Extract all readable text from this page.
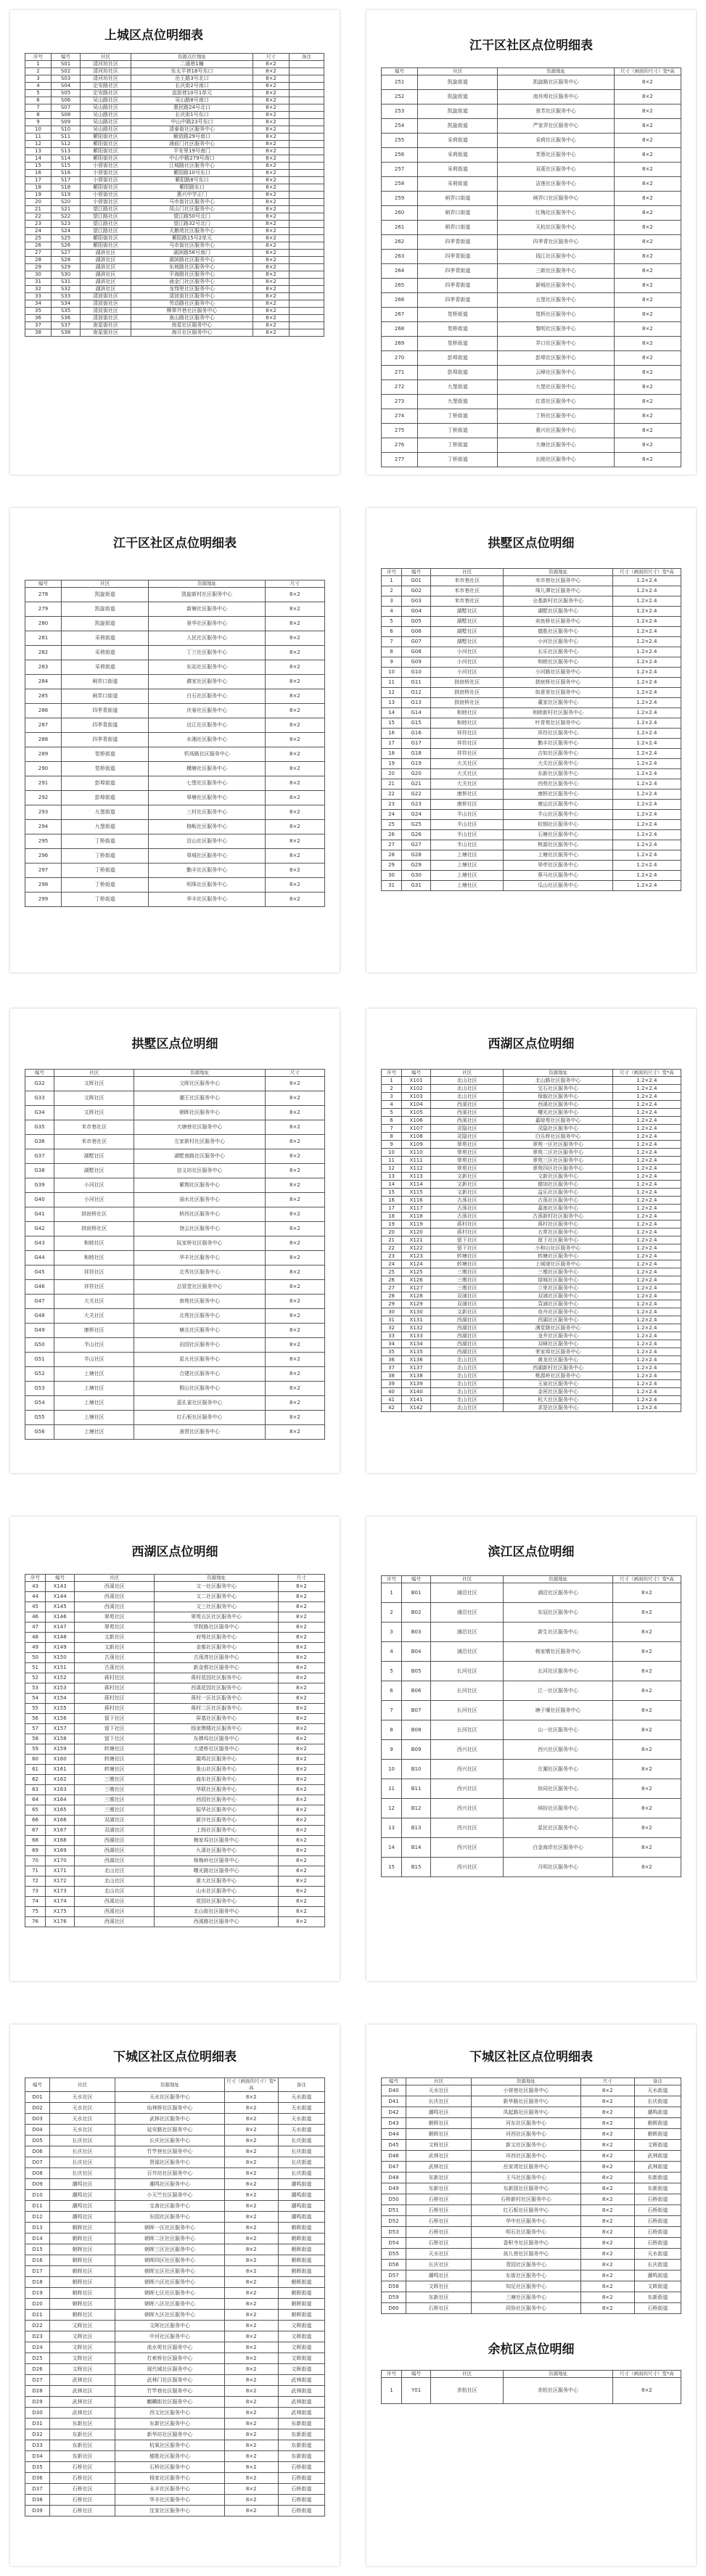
上城区点位明细表
序号	编号	社区	资源点位地址	尺寸	备注
1	S01	清河坊社区	二通巷1幢	8×2	
2	S02	清河坊社区	东太平巷18号东口	8×2	
3	S03	清河坊社区	岳王路3号北口	8×2	
4	S04	定安路社区	长庆街2号南口	8×2	
5	S05	定安路社区	直街巷10号1单元	8×2	
6	S06	吴山路社区	吴山路8号南口	8×2	
7	S07	吴山路社区	惠民路24号北口	8×2	
8	S08	吴山路社区	长庆街1号东口	8×2	
9	S09	吴山路社区	中山中路23号东口	8×2	
10	S10	吴山路社区	清泰街社区服务中心	8×2	
11	S11	紫阳街社区	解放路29号南口	8×2	
12	S12	紫阳街社区	浦前门社区服务中心	8×2	
13	S13	紫阳街社区	平安里19号南门	8×2	
14	S14	紫阳街社区	中山中路279号南口	8×2	
15	S15	小营街社区	江城路社区服务中心	8×2	
16	S16	小营街社区	紫阳路10号东口	8×2	
17	S17	小营街社区	紫阳路8号东口	8×2	
18	S18	紫阳街社区	紫阳路东口	8×2	
19	S19	小营街社区	惠兴中学正门	8×2	
20	S20	小营街社区	马市街社区服务中心	8×2	
21	S21	望江路社区	凤山门社区服务中心	8×2	
22	S22	望江路社区	望江路50号北门	8×2	
23	S23	望江路社区	望江路32号北门	8×2	
24	S24	望江路社区	天鹅苑社区服务中心	8×2	
25	S25	紫阳街社区	紫阳路15号2单元	8×2	
26	S26	紫阳街社区	马市街社区服务中心	8×2	
27	S27	湖滨社区	湖滨路56号南门	8×2	
28	S28	湖滨社区	湖滨路社区服务中心	8×2	
29	S29	湖滨社区	东坡路社区服务中心	8×2	
30	S30	湖滨社区	平海路社区服务中心	8×2	
31	S31	湖滨社区	涌金门社区服务中心	8×2	
32	S32	湖滨社区	龙翔里社区服务中心	8×2	
33	S33	清波街社区	清波街社区服务中心	8×2	
34	S34	清波街社区	劳动路社区服务中心	8×2	
35	S35	清波街社区	柳翠井巷社区服务中心	8×2	
36	S36	清波街社区	南山路社区服务中心	8×2	
37	S37	南星街社区	南星社区服务中心	8×2	
38	S38	南星街社区	海月社区服务中心	8×2	
江干区社区点位明细表
编号	社区	资源地址	尺寸（画面的尺寸）宽*高
251	凯旋街道	凯旋路社区服务中心	8×2
252	凯旋街道	南肖埠社区服务中心	8×2
253	凯旋街道	景芳社区服务中心	8×2
254	凯旋街道	严家弄社区服务中心	8×2
255	采荷街道	采荷社区服务中心	8×2
256	采荷街道	芙蓉社区服务中心	8×2
257	采荷街道	双菱社区服务中心	8×2
258	采荷街道	洁莲社区服务中心	8×2
259	闸弄口街道	闸弄口社区服务中心	8×2
260	闸弄口街道	红梅社区服务中心	8×2
261	闸弄口街道	天杭社区服务中心	8×2
262	四季青街道	四季青社区服务中心	8×2
263	四季青街道	钱江社区服务中心	8×2
264	四季青街道	三新社区服务中心	8×2
265	四季青街道	新城社区服务中心	8×2
266	四季青街道	五堡社区服务中心	8×2
267	笕桥街道	笕桥社区服务中心	8×2
268	笕桥街道	黎明社区服务中心	8×2
269	笕桥街道	弄口社区服务中心	8×2
270	彭埠街道	彭埠社区服务中心	8×2
271	彭埠街道	云峰社区服务中心	8×2
272	九堡街道	九堡社区服务中心	8×2
273	九堡街道	红普社区服务中心	8×2
274	丁桥街道	丁桥社区服务中心	8×2
275	丁桥街道	惠兴社区服务中心	8×2
276	丁桥街道	大塘社区服务中心	8×2
277	丁桥街道	长睦社区服务中心	8×2
江干区社区点位明细表
编号	社区	资源地址	尺寸
278	凯旋街道	凯旋新村社区服务中心	8×2
279	凯旋街道	新塘社区服务中心	8×2
280	凯旋街道	景华社区服务中心	8×2
281	采荷街道	人民社区服务中心	8×2
282	采荷街道	丁兰社区服务中心	8×2
283	采荷街道	东站社区服务中心	8×2
284	闸弄口街道	濮家社区服务中心	8×2
285	闸弄口街道	白石社区服务中心	8×2
286	四季青街道	庆春社区服务中心	8×2
287	四季青街道	近江社区服务中心	8×2
288	四季青街道	水湘社区服务中心	8×2
289	笕桥街道	机场路社区服务中心	8×2
290	笕桥街道	横塘社区服务中心	8×2
291	彭埠街道	七堡社区服务中心	8×2
292	彭埠街道	皋塘社区服务中心	8×2
293	九堡街道	三村社区服务中心	8×2
294	九堡街道	格畈社区服务中心	8×2
295	丁桥街道	沿山社区服务中心	8×2
296	丁桥街道	皋城社区服务中心	8×2
297	丁桥街道	勤丰社区服务中心	8×2
298	丁桥街道	明珠社区服务中心	8×2
299	丁桥街道	华丰社区服务中心	8×2
拱墅区点位明细
序号	编号	社区	资源地址	尺寸（画面的尺寸）宽*高
1	G01	米市巷社区	米市巷社区服务中心	1.2×2.4
2	G02	米市巷社区	珠儿潭社区服务中心	1.2×2.4
3	G03	米市巷社区	仓基新村社区服务中心	1.2×2.4
4	G04	湖墅社区	湖墅社区服务中心	1.2×2.4
5	G05	湖墅社区	卖鱼桥社区服务中心	1.2×2.4
6	G06	湖墅社区	德胜社区服务中心	1.2×2.4
7	G07	湖墅社区	小河社区服务中心	1.2×2.4
8	G08	小河社区	长乐社区服务中心	1.2×2.4
9	G09	小河社区	和睦社区服务中心	1.2×2.4
10	G10	小河社区	小河路社区服务中心	1.2×2.4
11	G11	拱宸桥社区	拱宸桥社区服务中心	1.2×2.4
12	G12	拱宸桥社区	如意里社区服务中心	1.2×2.4
13	G13	拱宸桥社区	董家社区服务中心	1.2×2.4
14	G14	和睦社区	和睦新村社区服务中心	1.2×2.4
15	G15	和睦社区	叶青苑社区服务中心	1.2×2.4
16	G16	祥符社区	祥符社区服务中心	1.2×2.4
17	G17	祥符社区	勤丰社区服务中心	1.2×2.4
18	G18	祥符社区	吉如社区服务中心	1.2×2.4
19	G19	大关社区	大关社区服务中心	1.2×2.4
20	G20	大关社区	东新社区服务中心	1.2×2.4
21	G21	大关社区	西苑社区服务中心	1.2×2.4
22	G22	康桥社区	康桥社区服务中心	1.2×2.4
23	G23	康桥社区	康运社区服务中心	1.2×2.4
24	G24	半山社区	半山社区服务中心	1.2×2.4
25	G25	半山社区	杭钢社区服务中心	1.2×2.4
26	G26	半山社区	石塘社区服务中心	1.2×2.4
27	G27	半山社区	桃源社区服务中心	1.2×2.4
28	G28	上塘社区	上塘社区服务中心	1.2×2.4
29	G29	上塘社区	皋亭社区服务中心	1.2×2.4
30	G30	上塘社区	蔡马社区服务中心	1.2×2.4
31	G31	上塘社区	瓜山社区服务中心	1.2×2.4
拱墅区点位明细
编号	社区	资源地址	尺寸
G32	文晖社区	文晖社区服务中心	8×2
G33	文晖社区	潮王社区服务中心	8×2
G34	文晖社区	朝晖社区服务中心	8×2
G35	米市巷社区	大塘巷社区服务中心	8×2
G36	米市巷社区	左家新村社区服务中心	8×2
G37	湖墅社区	湖墅南路社区服务中心	8×2
G38	湖墅社区	信义坊社区服务中心	8×2
G39	小河社区	紫荆社区服务中心	8×2
G40	小河社区	丽水社区服务中心	8×2
G41	拱宸桥社区	桥西社区服务中心	8×2
G42	拱宸桥社区	登云社区服务中心	8×2
G43	和睦社区	阮家桥社区服务中心	8×2
G44	和睦社区	华丰社区服务中心	8×2
G45	祥符社区	北秀社区服务中心	8×2
G46	祥符社区	总管堂社区服务中心	8×2
G47	大关社区	南苑社区服务中心	8×2
G48	大关社区	北苑社区服务中心	8×2
G49	康桥社区	塘北社区服务中心	8×2
G50	半山社区	田园社区服务中心	8×2
G51	半山社区	星火社区服务中心	8×2
G52	上塘社区	合建社区服务中心	8×2
G53	上塘社区	假山社区服务中心	8×2
G54	上塘社区	蓝孔雀社区服务中心	8×2
G55	上塘社区	红石板社区服务中心	8×2
G56	上塘社区	善贤社区服务中心	8×2
西湖区点位明细
序号	编号	社区	资源地址	尺寸（画面的尺寸）宽*高
1	X101	北山社区	北山路社区服务中心	1.2×2.4
2	X102	北山社区	宝石社区服务中心	1.2×2.4
3	X103	北山社区	保俶社区服务中心	1.2×2.4
4	X104	西溪社区	西溪社区服务中心	1.2×2.4
5	X105	西溪社区	曙光社区服务中心	1.2×2.4
6	X106	西溪社区	嘉绿苑社区服务中心	1.2×2.4
7	X107	灵隐社区	灵隐社区服务中心	1.2×2.4
8	X108	灵隐社区	白乐桥社区服务中心	1.2×2.4
9	X109	翠苑社区	翠苑一区社区服务中心	1.2×2.4
10	X110	翠苑社区	翠苑二区社区服务中心	1.2×2.4
11	X111	翠苑社区	翠苑三区社区服务中心	1.2×2.4
12	X112	翠苑社区	翠苑四区社区服务中心	1.2×2.4
13	X113	文新社区	文新社区服务中心	1.2×2.4
14	X114	文新社区	德加社区服务中心	1.2×2.4
15	X115	文新社区	益乐社区服务中心	1.2×2.4
16	X116	古荡社区	古荡社区服务中心	1.2×2.4
17	X117	古荡社区	嘉南社区服务中心	1.2×2.4
18	X118	古荡社区	古荡新村社区服务中心	1.2×2.4
19	X119	蒋村社区	蒋村社区服务中心	1.2×2.4
20	X120	蒋村社区	五常社区服务中心	1.2×2.4
21	X121	留下社区	留下社区服务中心	1.2×2.4
22	X122	留下社区	小和山社区服务中心	1.2×2.4
23	X123	转塘社区	转塘社区服务中心	1.2×2.4
24	X124	转塘社区	上城埭社区服务中心	1.2×2.4
25	X125	三墩社区	三墩社区服务中心	1.2×2.4
26	X126	三墩社区	绿城社区服务中心	1.2×2.4
27	X127	三墩社区	兰里社区服务中心	1.2×2.4
28	X128	双浦社区	双浦社区服务中心	1.2×2.4
29	X129	双浦社区	袁浦社区服务中心	1.2×2.4
30	X130	文新社区	竞舟社区服务中心	1.2×2.4
31	X131	西湖社区	西湖社区服务中心	1.2×2.4
32	X132	西湖社区	满觉陇社区服务中心	1.2×2.4
33	X133	西湖社区	龙井社区服务中心	1.2×2.4
34	X134	西湖社区	双峰社区服务中心	1.2×2.4
35	X135	西湖社区	茅家埠社区服务中心	1.2×2.4
36	X136	北山社区	黄龙社区服务中心	1.2×2.4
37	X137	北山社区	西湖新村社区服务中心	1.2×2.4
38	X138	北山社区	桃源岭社区服务中心	1.2×2.4
39	X139	北山社区	玉泉社区服务中心	1.2×2.4
40	X140	北山社区	金祝社区服务中心	1.2×2.4
41	X141	北山社区	杭大社区服务中心	1.2×2.4
42	X142	北山社区	求是社区服务中心	1.2×2.4
西湖区点位明细
序号	编号	社区	资源地址	尺寸
43	X143	西溪社区	文一社区服务中心	8×2
44	X144	西溪社区	文二社区服务中心	8×2
45	X145	西溪社区	文三社区服务中心	8×2
46	X146	翠苑社区	翠苑五区社区服务中心	8×2
47	X147	翠苑社区	学院路社区服务中心	8×2
48	X148	文新社区	府苑社区服务中心	8×2
49	X149	文新社区	金都社区服务中心	8×2
50	X150	古荡社区	古荡湾社区服务中心	8×2
51	X151	古荡社区	新金都社区服务中心	8×2
52	X152	蒋村社区	蒋村花园社区服务中心	8×2
53	X153	蒋村社区	西溪花园社区服务中心	8×2
54	X154	蒋村社区	蒋村一区社区服务中心	8×2
55	X155	蒋村社区	蒋村二区社区服务中心	8×2
56	X156	留下社区	屏基社区服务中心	8×2
57	X157	留下社区	杨家牌楼社区服务中心	8×2
58	X158	留下社区	东穆坞社区服务中心	8×2
59	X159	转塘社区	大诸桥社区服务中心	8×2
60	X160	转塘社区	霞鸣社区服务中心	8×2
61	X161	转塘社区	象山社区服务中心	8×2
62	X162	三墩社区	庙东社区服务中心	8×2
63	X163	三墩社区	华联社区服务中心	8×2
64	X164	三墩社区	西园社区服务中心	8×2
65	X165	三墩社区	振华社区服务中心	8×2
66	X166	双浦社区	新沙社区服务中心	8×2
67	X167	双浦社区	上杨社区服务中心	8×2
68	X168	西湖社区	梅家坞社区服务中心	8×2
69	X169	西湖社区	九溪社区服务中心	8×2
70	X170	西湖社区	杨梅岭社区服务中心	8×2
71	X171	北山社区	曙光路社区服务中心	8×2
72	X172	北山社区	浙大社区服务中心	8×2
73	X173	北山社区	山水社区服务中心	8×2
74	X174	西溪社区	花园社区服务中心	8×2
75	X175	西溪社区	北山街社区服务中心	8×2
76	X176	西溪社区	西溪路社区服务中心	8×2
滨江区点位明细
序号	编号	社区	资源地址	尺寸（画面的尺寸）宽*高
1	B01	浦沿社区	浦沿社区服务中心	8×2
2	B02	浦沿社区	东冠社区服务中心	8×2
3	B03	浦沿社区	新生社区服务中心	8×2
4	B04	浦沿社区	杨家墩社区服务中心	8×2
5	B05	长河社区	长河社区服务中心	8×2
6	B06	长河社区	江一社区服务中心	8×2
7	B07	长河社区	塘子堰社区服务中心	8×2
8	B08	长河社区	山一社区服务中心	8×2
9	B09	西兴社区	西兴社区服务中心	8×2
10	B10	西兴社区	庄潮社区服务中心	8×2
11	B11	西兴社区	协同社区服务中心	8×2
12	B12	西兴社区	缤纷社区服务中心	8×2
13	B13	西兴社区	星民社区服务中心	8×2
14	B14	西兴社区	白金海岸社区服务中心	8×2
15	B15	西兴社区	月明社区服务中心	8×2
下城区社区点位明细表
编号	社区	资源地址	尺寸（画面的尺寸）宽*高	备注
D01	天水社区	天水社区服务中心	8×2	天水街道
D02	天水社区	仙林桥社区服务中心	8×2	天水街道
D03	天水社区	武林社区服务中心	8×2	天水街道
D04	天水社区	延安路社区服务中心	8×2	天水街道
D05	长庆社区	长庆社区服务中心	8×2	长庆街道
D06	长庆社区	竹竿巷社区服务中心	8×2	长庆街道
D07	长庆社区	贤福社区服务中心	8×2	长庆街道
D08	长庆社区	百井坊社区服务中心	8×2	长庆街道
D09	潮鸣社区	潮鸣社区服务中心	8×2	潮鸣街道
D10	潮鸣社区	小天竺社区服务中心	8×2	潮鸣街道
D11	潮鸣社区	宝善社区服务中心	8×2	潮鸣街道
D12	潮鸣社区	东园社区服务中心	8×2	潮鸣街道
D13	朝晖社区	朝晖一区社区服务中心	8×2	朝晖街道
D14	朝晖社区	朝晖二区社区服务中心	8×2	朝晖街道
D15	朝晖社区	朝晖三区社区服务中心	8×2	朝晖街道
D16	朝晖社区	朝晖四区社区服务中心	8×2	朝晖街道
D17	朝晖社区	朝晖五区社区服务中心	8×2	朝晖街道
D18	朝晖社区	朝晖六区社区服务中心	8×2	朝晖街道
D19	朝晖社区	朝晖七区社区服务中心	8×2	朝晖街道
D20	朝晖社区	朝晖八区社区服务中心	8×2	朝晖街道
D21	朝晖社区	朝晖九区社区服务中心	8×2	朝晖街道
D22	文晖社区	文晖社区服务中心	8×2	文晖街道
D23	文晖社区	中河社区服务中心	8×2	文晖街道
D24	文晖社区	流水苑社区服务中心	8×2	文晖街道
D25	文晖社区	打索桥社区服务中心	8×2	文晖街道
D26	文晖社区	现代城社区服务中心	8×2	文晖街道
D27	武林社区	武林门社区服务中心	8×2	武林街道
D28	武林社区	竹竿巷社区服务中心	8×2	武林街道
D29	武林社区	麒麟街社区服务中心	8×2	武林街道
D30	武林社区	西文社区服务中心	8×2	武林街道
D31	东新社区	东新社区服务中心	8×2	东新街道
D32	东新社区	新华坊社区服务中心	8×2	东新街道
D33	东新社区	杭氧社区服务中心	8×2	东新街道
D34	东新社区	德胜社区服务中心	8×2	东新街道
D35	石桥社区	石桥社区服务中心	8×2	石桥街道
D36	石桥社区	杨家社区服务中心	8×2	石桥街道
D37	石桥社区	永丰社区服务中心	8×2	石桥街道
D38	石桥社区	华丰社区服务中心	8×2	石桥街道
D39	石桥社区	沈家社区服务中心	8×2	石桥街道
下城区社区点位明细表
编号	社区	资源地址	尺寸	备注
D40	天水社区	小营巷社区服务中心	8×2	天水街道
D41	长庆社区	新华路社区服务中心	8×2	长庆街道
D42	潮鸣社区	凤起路社区服务中心	8×2	潮鸣街道
D43	朝晖社区	河东社区服务中心	8×2	朝晖街道
D44	朝晖社区	河西社区服务中心	8×2	朝晖街道
D45	文晖社区	新文社区服务中心	8×2	文晖街道
D46	武林社区	环西社区服务中心	8×2	武林街道
D47	武林社区	岳家湾社区服务中心	8×2	武林街道
D48	东新社区	王马社区服务中心	8×2	东新街道
D49	东新社区	东新园社区服务中心	8×2	东新街道
D50	石桥社区	石桥新村社区服务中心	8×2	石桥街道
D51	石桥社区	红石板社区服务中心	8×2	石桥街道
D52	石桥社区	华中社区服务中心	8×2	石桥街道
D53	石桥社区	明石社区服务中心	8×2	石桥街道
D54	石桥社区	香积寺社区服务中心	8×2	石桥街道
D55	天水社区	孩儿巷社区服务中心	8×2	天水街道
D56	长庆社区	青园社区服务中心	8×2	长庆街道
D57	潮鸣社区	东街社区服务中心	8×2	潮鸣街道
D58	文晖社区	知足社区服务中心	8×2	文晖街道
D59	东新社区	三塘社区服务中心	8×2	东新街道
D60	石桥社区	同协社区服务中心	8×2	石桥街道
余杭区点位明细
序号	编号	社区	资源地址	尺寸（画面的尺寸）宽*高
1	Y01	余杭社区	余杭社区服务中心	8×2
